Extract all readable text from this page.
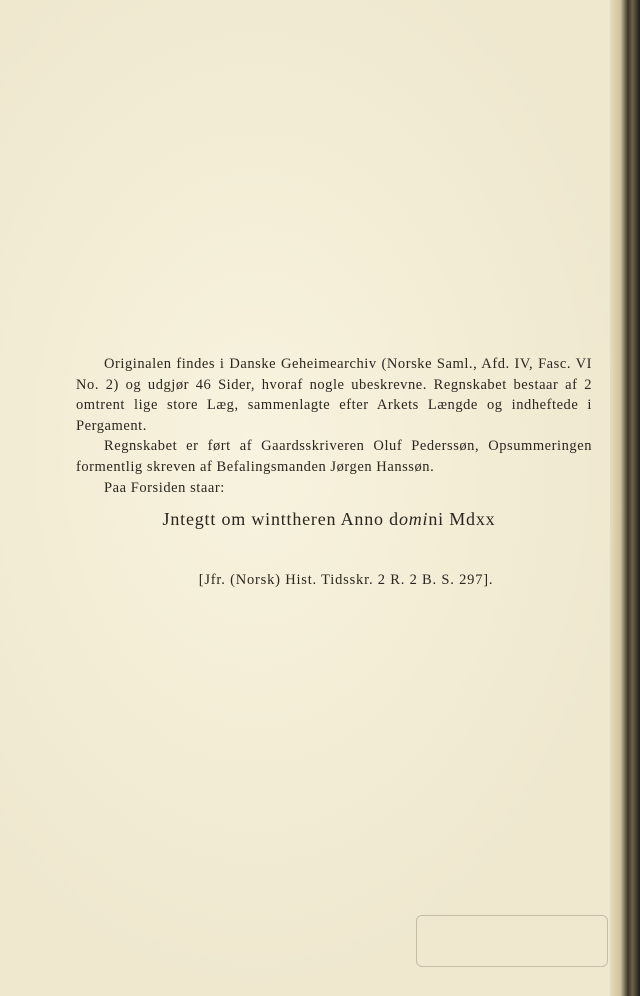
Originalen findes i Danske Geheimearchiv (Norske Saml., Afd. IV, Fasc. VI No. 2) og udgjør 46 Sider, hvoraf nogle ubeskrevne. Regnskabet bestaar af 2 omtrent lige store Læg, sammenlagte efter Arkets Længde og indheftede i Pergament.

Regnskabet er ført af Gaardsskriveren Oluf Pederssøn, Opsummeringen formentlig skreven af Befalingsmanden Jørgen Hanssøn.

Paa Forsiden staar:

Jntegtt om winttheren Anno domini Mdxx

[Jfr. (Norsk) Hist. Tidsskr. 2 R. 2 B. S. 297].
